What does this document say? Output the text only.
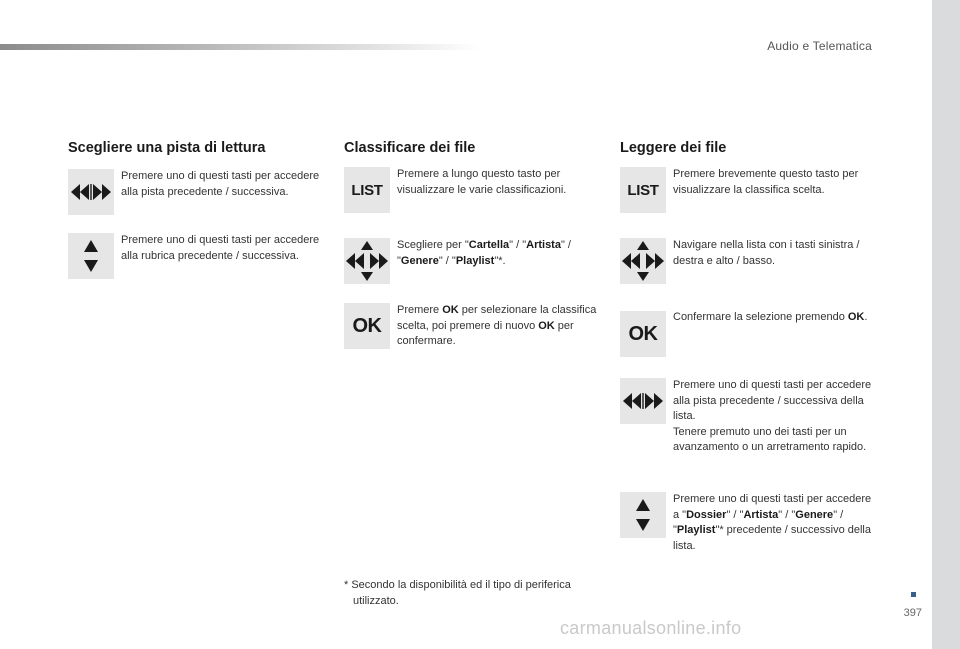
Audio e Telematica
Scegliere una pista di lettura
Premere uno di questi tasti per accedere alla pista precedente / successiva.
Premere uno di questi tasti per accedere alla rubrica precedente / successiva.
Classificare dei file
LIST
Premere a lungo questo tasto per visualizzare le varie classificazioni.
Scegliere per "Cartella" / "Artista" / "Genere" / "Playlist"*.
OK
Premere OK per selezionare la classifica scelta, poi premere di nuovo OK per confermare.
Leggere dei file
LIST
Premere brevemente questo tasto per visualizzare la classifica scelta.
Navigare nella lista con i tasti sinistra / destra e alto / basso.
OK
Confermare la selezione premendo OK.
Premere uno di questi tasti per accedere alla pista precedente / successiva della lista.
Tenere premuto uno dei tasti per un avanzamento o un arretramento rapido.
Premere uno di questi tasti per accedere a "Dossier" / "Artista" / "Genere" / "Playlist"* precedente / successivo della lista.
* Secondo la disponibilità ed il tipo di periferica
utilizzato.
397
carmanualsonline.info
